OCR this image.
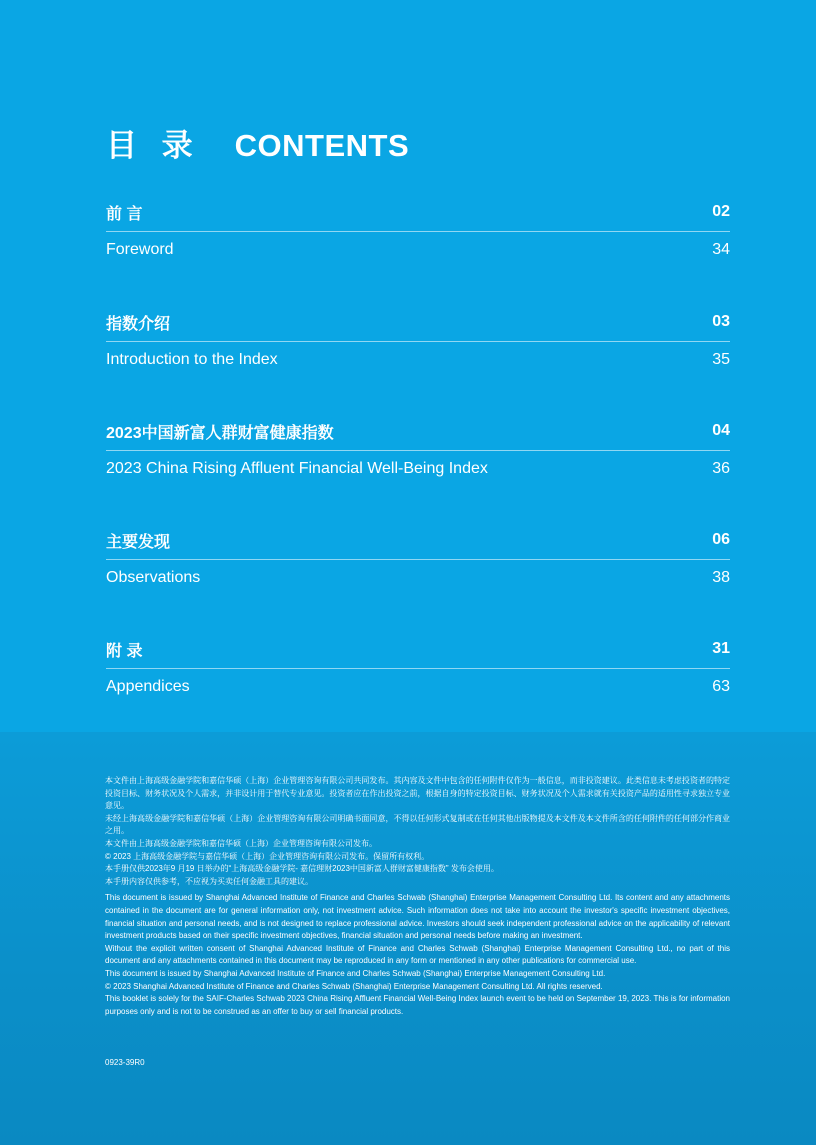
目 录 CONTENTS
前 言	02
Foreword	34
指数介绍	03
Introduction to the Index	35
2023中国新富人群财富健康指数	04
2023 China Rising Affluent Financial Well-Being Index	36
主要发现	06
Observations	38
附 录	31
Appendices	63

本文件由上海高级金融学院和嘉信华硕（上海）企业管理咨询有限公司共同发布。其内容及文件中包含的任何附件仅作为一般信息，而非投资建议。此类信息未考虑投资者的特定投资目标、财务状况及个人需求，并非设计用于替代专业意见。投资者应在作出投资之前，根据自身的特定投资目标、财务状况及个人需求就有关投资产品的适用性寻求独立专业意见。

未经上海高级金融学院和嘉信华硕（上海）企业管理咨询有限公司明确书面同意，不得以任何形式复制或在任何其他出版物提及本文件及本文件所含的任何附件的任何部分作商业之用。

本文件由上海高级金融学院和嘉信华硕（上海）企业管理咨询有限公司发布。

© 2023 上海高级金融学院与嘉信华硕（上海）企业管理咨询有限公司发布。保留所有权利。

本手册仅供2023年9 月19 日举办的“上海高级金融学院- 嘉信理财2023中国新富人群财富健康指数” 发布会使用。

本手册内容仅供参考，不应视为买卖任何金融工具的建议。

This document is issued by Shanghai Advanced Institute of Finance and Charles Schwab (Shanghai) Enterprise Management Consulting Ltd. Its content and any attachments contained in the document are for general information only, not investment advice. Such information does not take into account the investor's specific investment objectives, financial situation and personal needs, and is not designed to replace professional advice. Investors should seek independent professional advice on the applicability of relevant investment products based on their specific investment objectives, financial situation and personal needs before making an investment.

Without the explicit written consent of Shanghai Advanced Institute of Finance and Charles Schwab (Shanghai) Enterprise Management Consulting Ltd., no part of this document and any attachments contained in this document may be reproduced in any form or mentioned in any other publications for commercial use.

This document is issued by Shanghai Advanced Institute of Finance and Charles Schwab (Shanghai) Enterprise Management Consulting Ltd.

© 2023 Shanghai Advanced Institute of Finance and Charles Schwab (Shanghai) Enterprise Management Consulting Ltd. All rights reserved.

This booklet is solely for the SAIF-Charles Schwab 2023 China Rising Affluent Financial Well-Being Index launch event to be held on September 19, 2023. This is for information purposes only and is not to be construed as an offer to buy or sell financial products.

0923-39R0
